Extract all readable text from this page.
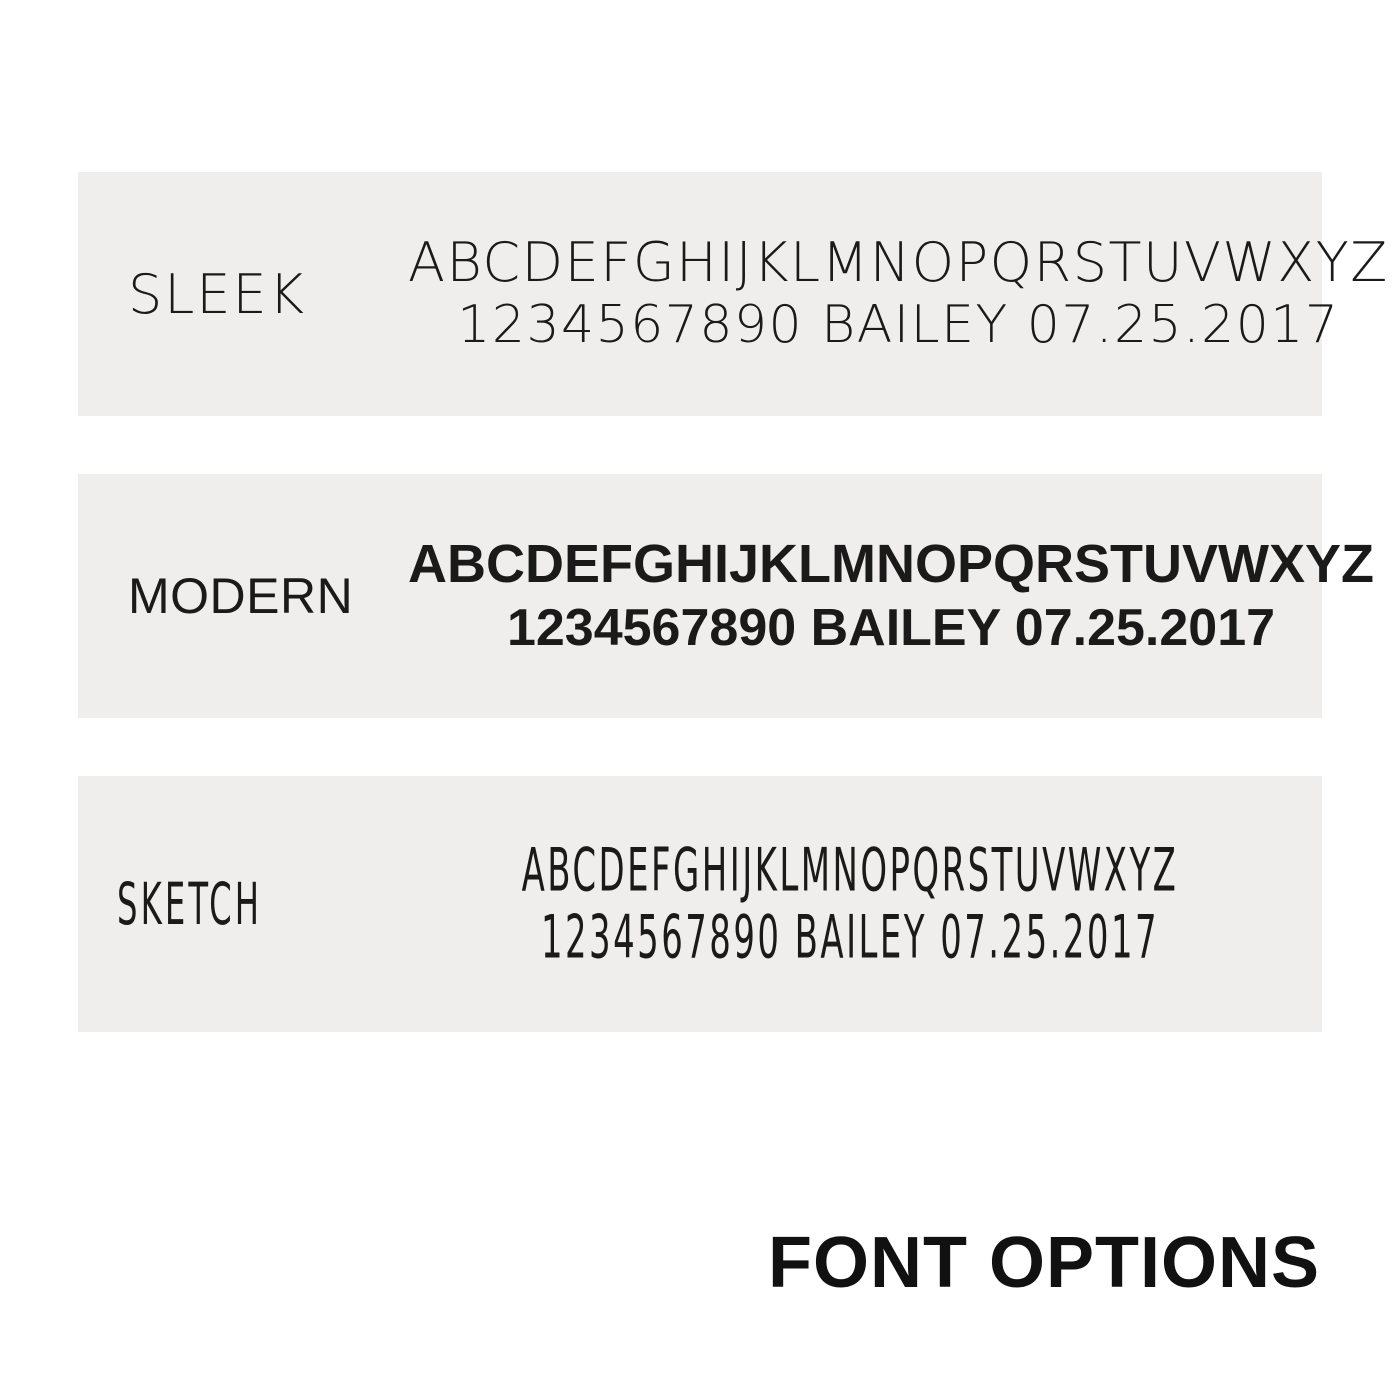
SLEEK	ABCDEFGHIJKLMNOPQRSTUVWXYZ
1234567890 BAILEY 07.25.2017
MODERN
ABCDEFGHIJKLMNOPQRSTUVWXYZ
1234567890 BAILEY 07.25.2017
SKETCH	ABCDEFGHIJKLMNOPQRSTUVWXYZ
1234567890 BAILEY 07.25.2017
FONT OPTIONS
